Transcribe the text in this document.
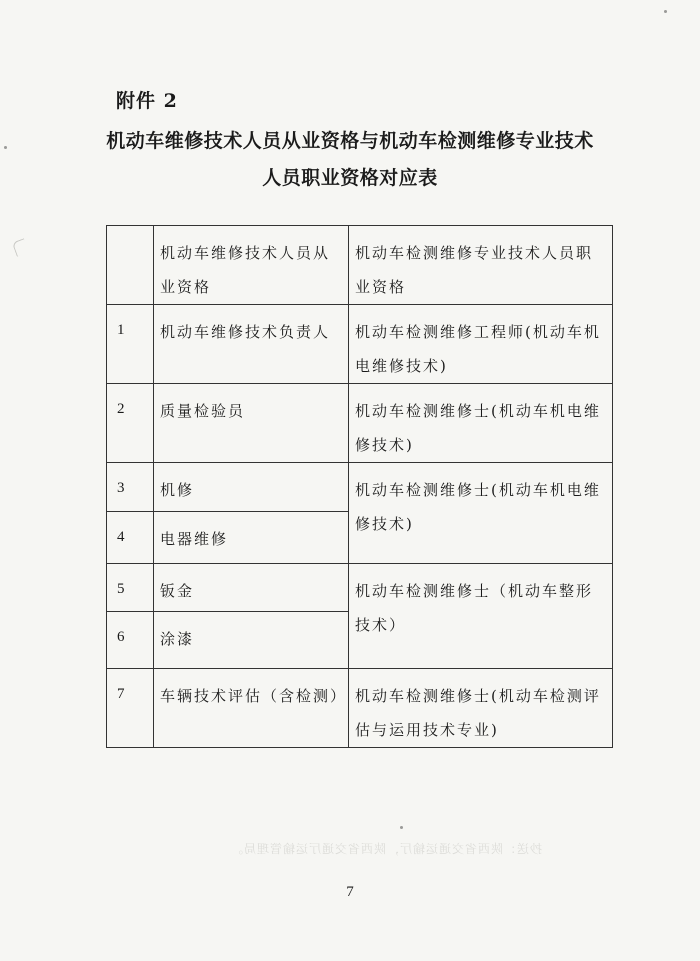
附件 2
机动车维修技术人员从业资格与机动车检测维修专业技术
人员职业资格对应表
	机动车维修技术人员从业资格	机动车检测维修专业技术人员职业资格
1	机动车维修技术负责人	机动车检测维修工程师(机动车机电维修技术)
2	质量检验员	机动车检测维修士(机动车机电维修技术)
3	机修	机动车检测维修士(机动车机电维修技术)
4	电器维修	
5	钣金	机动车检测维修士（机动车整形技术）
6	涂漆	
7	车辆技术评估（含检测）	机动车检测维修士(机动车检测评估与运用技术专业)
抄送：陕西省交通运输厅，陕西省交通厅运输管理局。
7
